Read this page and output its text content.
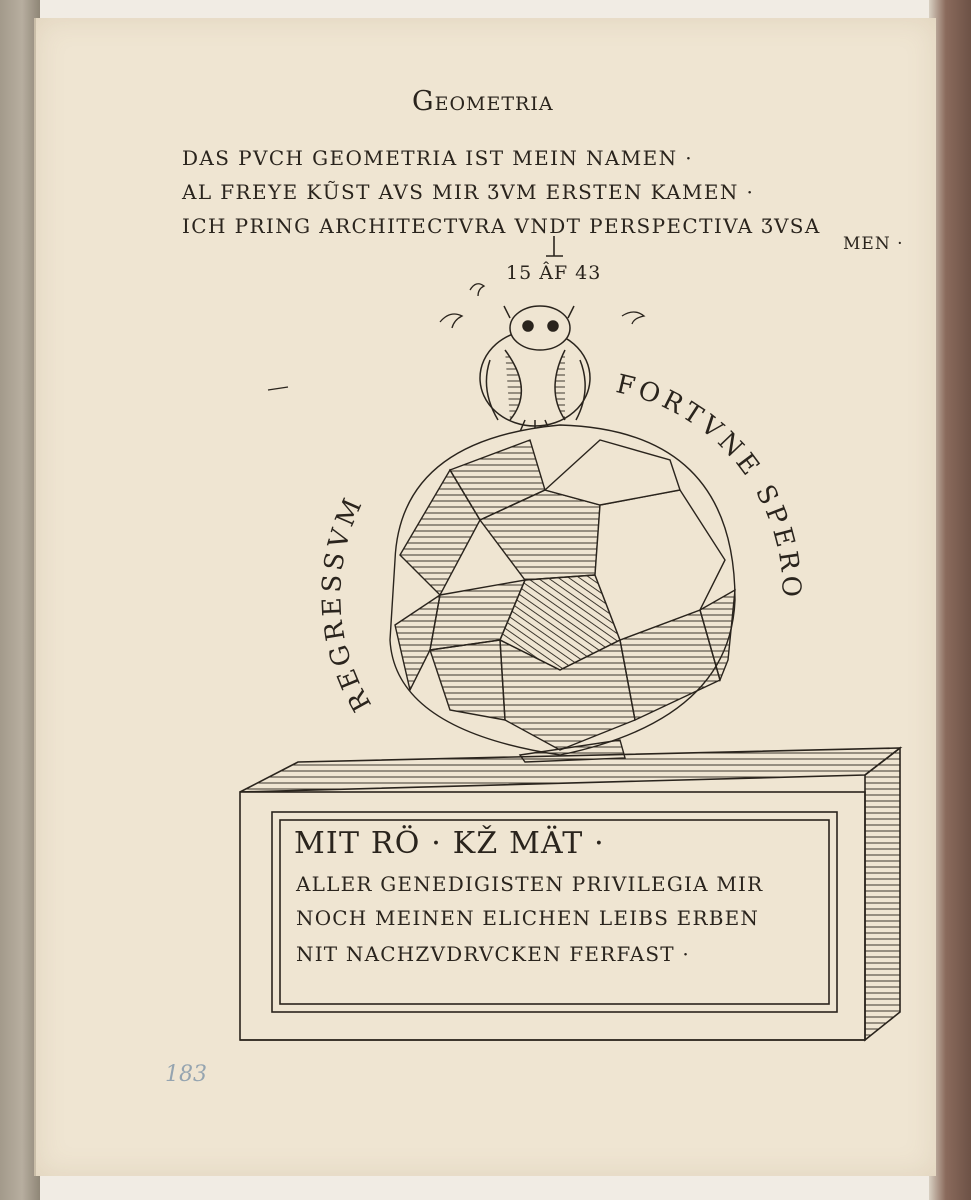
Geometria
DAS PVCH GEOMETRIA IST MEIN NAMEN ·
AL FREYE KŨST AVS MIR ƷVM ERSTEN KAMEN ·
ICH PRING ARCHITECTVRA VNDT PERSPECTIVA ƷVSA
MEN ·
15 ÂF 43
REGRESSVM
FORTVNE SPERO
MIT RÖ · KŽ MÄT ·
ALLER GENEDIGISTEN PRIVILEGIA MIR
NOCH MEINEN ELICHEN LEIBS ERBEN
NIT NACHZVDRVCKEN FERFAST ·
183
